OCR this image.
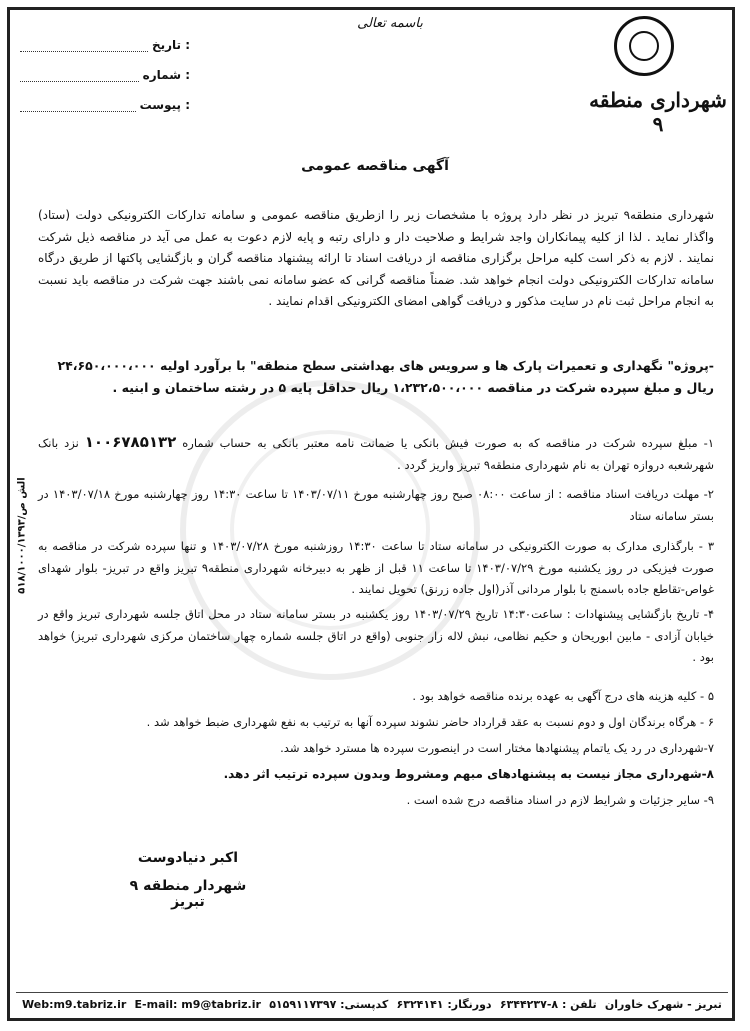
باسمه تعالی
شهرداری منطقه ۹
: تاریخ
: شماره
: پیوست
آگهی مناقصه عمومی
شهرداری منطقه۹ تبریز در نظر دارد پروژه با مشخصات زیر را ازطریق مناقصه عمومی و سامانه تدارکات الکترونیکی دولت (ستاد) واگذار نماید . لذا از کلیه پیمانکاران واجد شرایط و صلاحیت دار و دارای رتبه و پایه لازم دعوت به عمل می آید در مناقصه ذیل شرکت نمایند . لازم به ذکر است کلیه مراحل برگزاری مناقصه از دریافت اسناد تا ارائه پیشنهاد مناقصه گران و بازگشایی پاکتها از طریق درگاه سامانه تدارکات الکترونیکی دولت انجام خواهد شد. ضمناً مناقصه گرانی که عضو سامانه نمی باشند جهت شرکت در مناقصه باید نسبت به انجام مراحل ثبت نام در سایت مذکور و دریافت گواهی امضای الکترونیکی اقدام نمایند .
-پروژه" نگهداری و تعمیرات پارک ها و سرویس های بهداشتی سطح منطقه" با برآورد اولیه ۲۴،۶۵۰،۰۰۰،۰۰۰ ریال و مبلغ سپرده شرکت در مناقصه ۱،۲۳۲،۵۰۰،۰۰۰ ریال حداقل پایه ۵ در رشته ساختمان و ابنیه .
۱- مبلغ سپرده شرکت در مناقصه که به صورت فیش بانکی یا ضمانت نامه معتبر بانکی به حساب شماره ۱۰۰۶۷۸۵۱۳۲ نزد بانک شهرشعبه دروازه تهران به نام شهرداری منطقه۹ تبریز واریز گردد .
۲- مهلت دریافت اسناد مناقصه : از ساعت ۰۸:۰۰ صبح روز چهارشنبه مورخ ۱۴۰۳/۰۷/۱۱ تا ساعت ۱۴:۳۰ روز چهارشنبه مورخ ۱۴۰۳/۰۷/۱۸ در بستر سامانه ستاد
۳ - بارگذاری مدارک به صورت الکترونیکی در سامانه ستاد تا ساعت ۱۴:۳۰ روزشنبه مورخ ۱۴۰۳/۰۷/۲۸ و تنها سپرده شرکت در مناقصه به صورت فیزیکی در روز یکشنبه مورخ ۱۴۰۳/۰۷/۲۹ تا ساعت ۱۱ قبل از ظهر به دبیرخانه شهرداری منطقه۹ تبریز واقع در تبریز- بلوار شهدای غواص-تقاطع جاده باسمنج با بلوار مردانی آذر(اول جاده زرنق) تحویل نمایند .
۴- تاریخ بازگشایی پیشنهادات : ساعت۱۴:۳۰ تاریخ ۱۴۰۳/۰۷/۲۹ روز یکشنبه در بستر سامانه ستاد در محل اتاق جلسه شهرداری تبریز واقع در خیابان آزادی - مابین ابوریحان و حکیم نظامی، نبش لاله زار جنوبی (واقع در اتاق جلسه شماره چهار ساختمان مرکزی شهرداری تبریز) خواهد بود .
۵ - کلیه هزینه های درج آگهی به عهده برنده مناقصه خواهد بود .
۶ - هرگاه برندگان اول و دوم نسبت به عقد قرارداد حاضر نشوند سپرده آنها به ترتیب به نفع شهرداری ضبط خواهد شد .
۷-شهرداری در رد یک یاتمام پیشنهادها مختار است در اینصورت سپرده ها مسترد خواهد شد.
۸-شهرداری مجاز نیست به پیشنهادهای مبهم ومشروط وبدون سپرده ترتیب اثر دهد.
۹- سایر جزئیات و شرایط لازم در اسناد مناقصه درج شده است .
اکبر دنیادوست
شهردار منطقه ۹ تبریز
۵۱۸/۱۰۰۰/الش ص/۱۳۹۳
تبریز - شهرک خاوران
تلفن : ۸-۶۳۴۴۲۳۷
دورنگار: ۶۳۲۴۱۴۱
کدپستی: ۵۱۵۹۱۱۷۳۹۷
E-mail: m9@tabriz.ir
Web:m9.tabriz.ir
